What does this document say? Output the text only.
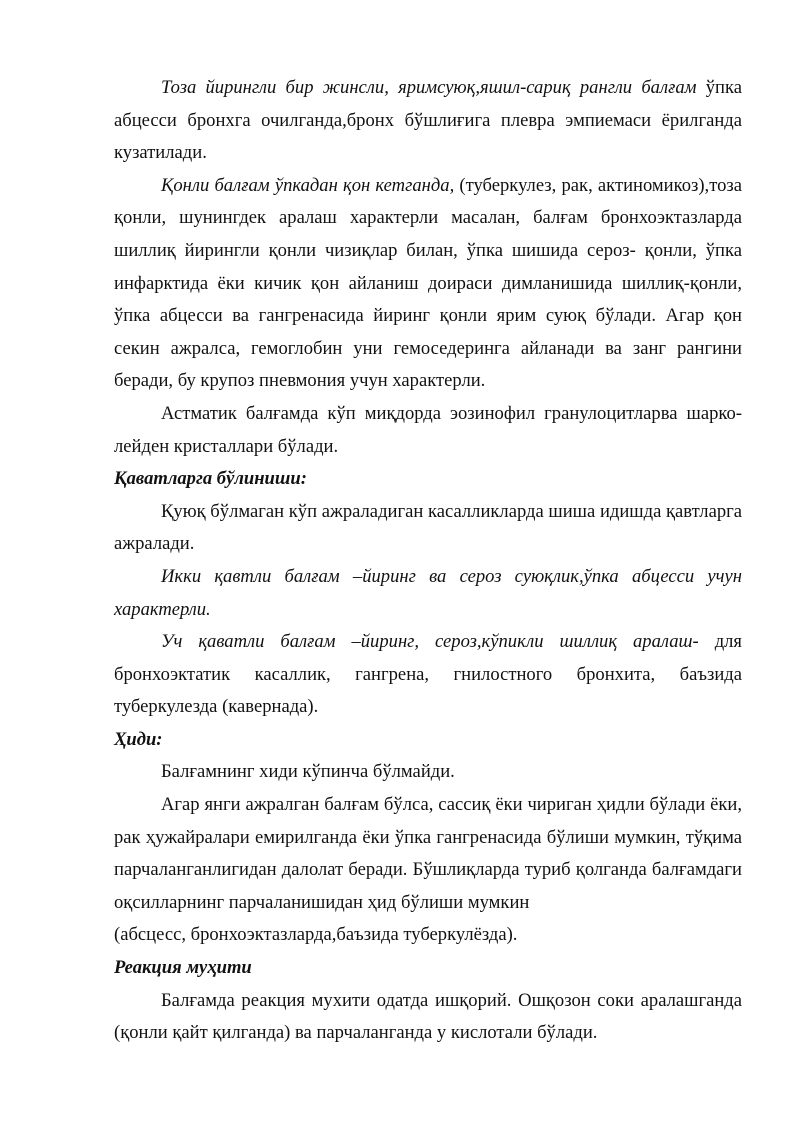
Тоза йирингли бир жинсли, яримсуюқ,яшил-сариқ рангли балғам ўпка абцесси бронхга очилганда,бронх бўшлиғига плевра эмпиемаси ёрилганда кузатилади.

Қонли балғам ўпкадан қон кетганда, (туберкулез, рак, актиномикоз),тоза қонли, шунингдек аралаш характерли масалан, балғам бронхоэктазларда шиллиқ йирингли қонли чизиқлар билан, ўпка шишида сероз- қонли, ўпка инфарктида ёки кичик қон айланиш доираси димланишида шиллиқ-қонли, ўпка абцесси ва гангренасида йиринг қонли ярим суюқ бўлади. Агар қон секин ажралса, гемоглобин уни гемоседеринга айланади ва занг рангини беради, бу крупоз пневмония учун характерли.

Астматик балғамда кўп миқдорда эозинофил гранулоцитларва шарко-лейден кристаллари бўлади.

Қаватларга бўлиниши:

Қуюқ бўлмаган кўп ажраладиган касалликларда шиша идишда қавтларга ажралади.

Икки қавтли балғам –йиринг ва сероз суюқлик,ўпка абцесси учун характерли.

Уч қаватли балғам –йиринг, сероз,кўпикли шиллиқ аралаш- для бронхоэктатик касаллик, гангрена, гнилостного бронхита, баъзида туберкулезда (кавернада).

Ҳиди:

Балғамнинг хиди кўпинча бўлмайди.

Агар янги ажралган балғам бўлса, сассиқ ёки чириган ҳидли бўлади ёки, рак ҳужайралари емирилганда ёки ўпка гангренасида бўлиши мумкин, тўқима парчаланганлигидан далолат беради. Бўшлиқларда туриб қолганда балғамдаги оқсилларнинг парчаланишидан ҳид бўлиши мумкин

(абсцесс, бронхоэктазларда,баъзида туберкулёзда).

Реакция муҳити

Балғамда реакция мухити одатда ишқорий. Ошқозон соки аралашганда (қонли қайт қилганда) ва парчаланганда у кислотали бўлади.
